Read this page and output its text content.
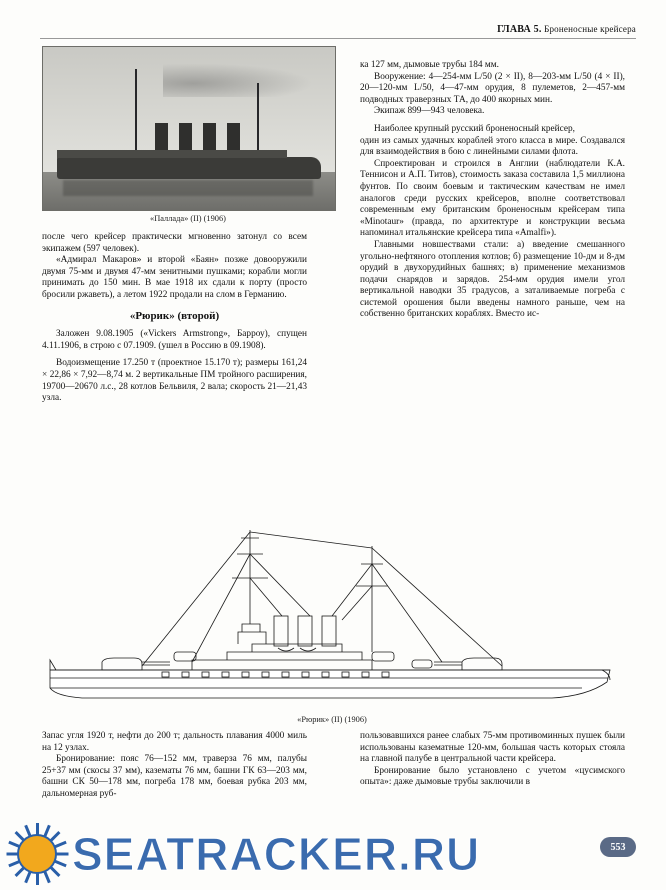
ГЛАВА 5. Броненосные крейсера
«Паллада» (II) (1906)

после чего крейсер практически мгновенно затонул со всем экипажем (597 человек).

«Адмирал Макаров» и второй «Баян» позже довооружили двумя 75-мм и двумя 47-мм зенитными пушками; корабли могли принимать до 150 мин. В мае 1918 их сдали к порту (просто бросили ржаветь), а летом 1922 продали на слом в Германию.

«Рюрик» (второй)

Заложен 9.08.1905 («Vickers Armstrong», Барроу), спущен 4.11.1906, в строю с 07.1909. (ушел в Россию в 09.1908).

Водоизмещение 17.250 т (проектное 15.170 т); размеры 161,24 × 22,86 × 7,92—8,74 м. 2 вертикальные ПМ тройного расширения, 19700—20670 л.с., 28 котлов Бельвиля, 2 вала; скорость 21—21,43 узла.

ка 127 мм, дымовые трубы 184 мм.

Вооружение: 4—254-мм L/50 (2 × II), 8—203-мм L/50 (4 × II), 20—120-мм L/50, 4—47-мм орудия, 8 пулеметов, 2—457-мм подводных траверзных ТА, до 400 якорных мин.

Экипаж 899—943 человека.

Наиболее крупный русский броненосный крейсер,

один из самых удачных кораблей этого класса в мире. Создавался для взаимодействия в бою с линейными силами флота.

Спроектирован и строился в Англии (наблюдатели К.А. Теннисон и А.П. Титов), стоимость заказа составила 1,5 миллиона фунтов. По своим боевым и тактическим качествам не имел аналогов среди русских крейсеров, вполне соответствовал современным ему британским броненосным крейсерам типа «Minotaur» (правда, по архитектуре и конструкции весьма напоминал итальянские крейсера типа «Amalfi»).

Главными новшествами стали: а) введение смешанного угольно-нефтяного отопления котлов; б) размещение 10-дм и 8-дм орудий в двухорудийных башнях; в) применение механизмов подачи снарядов и зарядов. 254-мм орудия имели угол вертикальной наводки 35 градусов, а заталиваемые погреба с системой орошения были введены намного раньше, чем на собственно британских кораблях. Вместо ис-

«Рюрик» (II) (1906)

Запас угля 1920 т, нефти до 200 т; дальность плавания 4000 миль на 12 узлах.

Бронирование: пояс 76—152 мм, траверза 76 мм, палубы 25+37 мм (скосы 37 мм), казематы 76 мм, башни ГК 63—203 мм, башни СК 50—178 мм, погреба 178 мм, боевая рубка 203 мм, дальномерная руб-

пользовавшихся ранее слабых 75-мм противоминных пушек были использованы казематные 120-мм, большая часть которых стояла на главной палубе в центральной части крейсера.

Бронирование было установлено с учетом «цусимского опыта»: даже дымовые трубы заключили в

553
SEATRACKER.RU
